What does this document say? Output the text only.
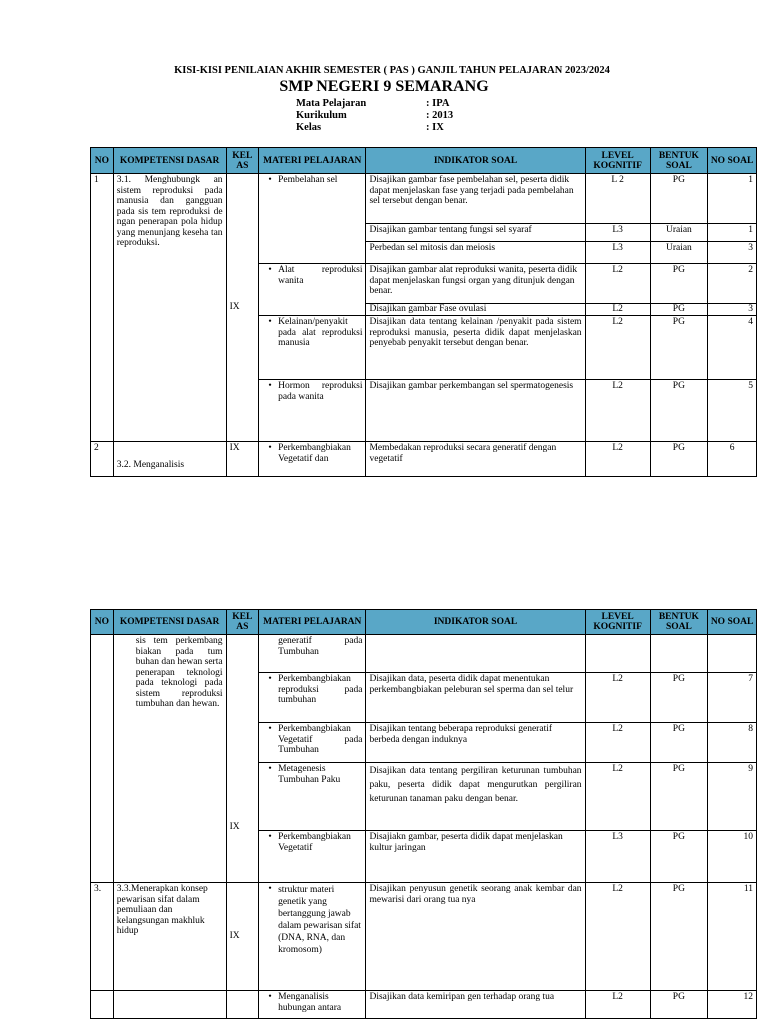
KISI-KISI PENILAIAN AKHIR SEMESTER ( PAS ) GANJIL TAHUN PELAJARAN 2023/2024
SMP NEGERI 9 SEMARANG
Mata Pelajaran	: IPA
Kurikulum	: 2013
Kelas	: IX
NO	KOMPETENSI DASAR	KEL AS	MATERI PELAJARAN	INDIKATOR SOAL	LEVEL KOGNITIF	BENTUK SOAL	NO SOAL
1	3.1. Menghubungk an sistem reproduksi pada manusia dan gangguan pada sis tem reproduksi de ngan penerapan pola hidup yang menunjang keseha tan reproduksi.	IX	• Pembelahan sel	Disajikan gambar fase pembelahan sel, peserta didik dapat menjelaskan fase yang terjadi pada pembelahan sel tersebut dengan benar.	L 2	PG	1
				Disajikan gambar tentang fungsi sel syaraf	L3	Uraian	1
				Perbedan sel mitosis dan meiosis	L3	Uraian	3

			• Alat reproduksi wanita	Disajikan gambar alat reproduksi wanita, peserta didik dapat menjelaskan fungsi organ yang ditunjuk dengan benar.	L2	PG	2
				Disajikan gambar Fase ovulasi	L2	PG	3

			• Kelainan/penyakit pada alat reproduksi manusia	Disajikan data tentang kelainan /penyakit pada sistem reproduksi manusia, peserta didik dapat menjelaskan penyebab penyakit tersebut dengan benar.	L2	PG	4

			• Hormon reproduksi pada wanita	Disajikan gambar perkembangan sel spermatogenesis	L2	PG	5
2	3.2. Menganalisis	IX	• Perkembangbiakan Vegetatif dan	Membedakan reproduksi secara generatif dengan vegetatif	L2	PG	6
NO	KOMPETENSI DASAR	KEL AS	MATERI PELAJARAN	INDIKATOR SOAL	LEVEL KOGNITIF	BENTUK SOAL	NO SOAL
	sis tem perkembang biakan pada tum buhan dan hewan serta penerapan teknologi pada teknologi pada sistem reproduksi tumbuhan dan hewan.	IX	generatif pada Tumbuhan				

			• Perkembangbiakan reproduksi pada tumbuhan	Disajikan data, peserta didik dapat menentukan perkembangbiakan peleburan sel sperma dan sel telur	L2	PG	7

			• Perkembangbiakan Vegetatif pada Tumbuhan	Disajikan tentang beberapa reproduksi generatif berbeda dengan induknya	L2	PG	8

			• Metagenesis Tumbuhan Paku	Disajikan data tentang pergiliran keturunan tumbuhan paku, peserta didik dapat mengurutkan pergiliran keturunan tanaman paku dengan benar.	L2	PG	9

			• Perkembangbiakan Vegetatif	Disajiakn gambar, peserta didik dapat menjelaskan kultur jaringan	L3	PG	10
3.	3.3.Menerapkan konsep pewarisan sifat dalam pemuliaan dan kelangsungan makhluk hidup	IX	• struktur materi genetik yang bertanggung jawab dalam pewarisan sifat (DNA, RNA, dan kromosom)	Disajikan penyusun genetik seorang anak kembar dan mewarisi dari orang tua nya	L2	PG	11

			• Menganalisis hubungan antara	Disajikan data kemiripan gen terhadap orang tua	L2	PG	12
